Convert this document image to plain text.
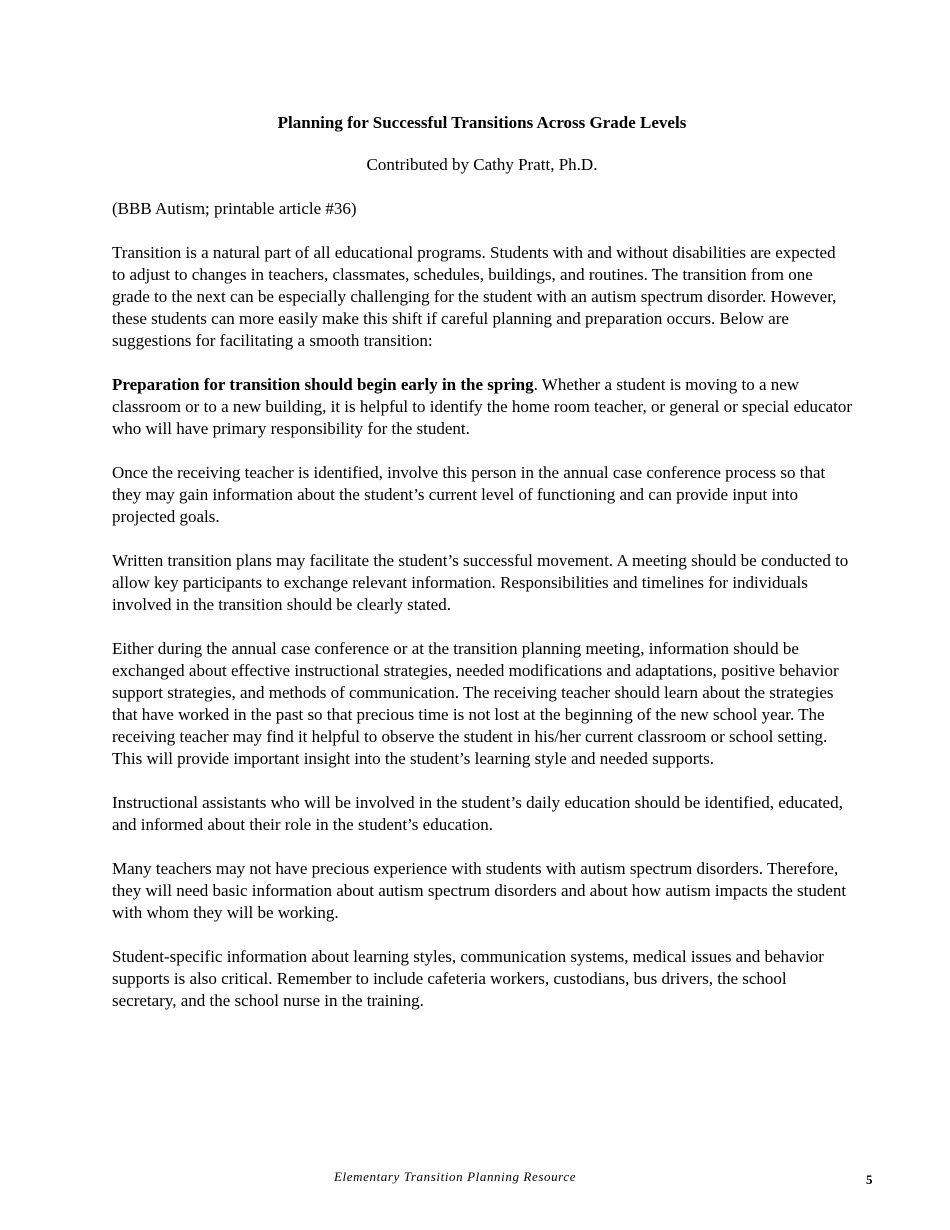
Planning for Successful Transitions Across Grade Levels
Contributed by Cathy Pratt, Ph.D.
(BBB Autism; printable article #36)

Transition is a natural part of all educational programs. Students with and without disabilities are expected to adjust to changes in teachers, classmates, schedules, buildings, and routines. The transition from one grade to the next can be especially challenging for the student with an autism spectrum disorder. However, these students can more easily make this shift if careful planning and preparation occurs. Below are suggestions for facilitating a smooth transition:

Preparation for transition should begin early in the spring. Whether a student is moving to a new classroom or to a new building, it is helpful to identify the home room teacher, or general or special educator who will have primary responsibility for the student.

Once the receiving teacher is identified, involve this person in the annual case conference process so that they may gain information about the student’s current level of functioning and can provide input into projected goals.

Written transition plans may facilitate the student’s successful movement. A meeting should be conducted to allow key participants to exchange relevant information. Responsibilities and timelines for individuals involved in the transition should be clearly stated.

Either during the annual case conference or at the transition planning meeting, information should be exchanged about effective instructional strategies, needed modifications and adaptations, positive behavior support strategies, and methods of communication. The receiving teacher should learn about the strategies that have worked in the past so that precious time is not lost at the beginning of the new school year. The receiving teacher may find it helpful to observe the student in his/her current classroom or school setting. This will provide important insight into the student’s learning style and needed supports.

Instructional assistants who will be involved in the student’s daily education should be identified, educated, and informed about their role in the student’s education.

Many teachers may not have precious experience with students with autism spectrum disorders. Therefore, they will need basic information about autism spectrum disorders and about how autism impacts the student with whom they will be working.

Student-specific information about learning styles, communication systems, medical issues and behavior supports is also critical. Remember to include cafeteria workers, custodians, bus drivers, the school secretary, and the school nurse in the training.

Elementary Transition Planning Resource	5
